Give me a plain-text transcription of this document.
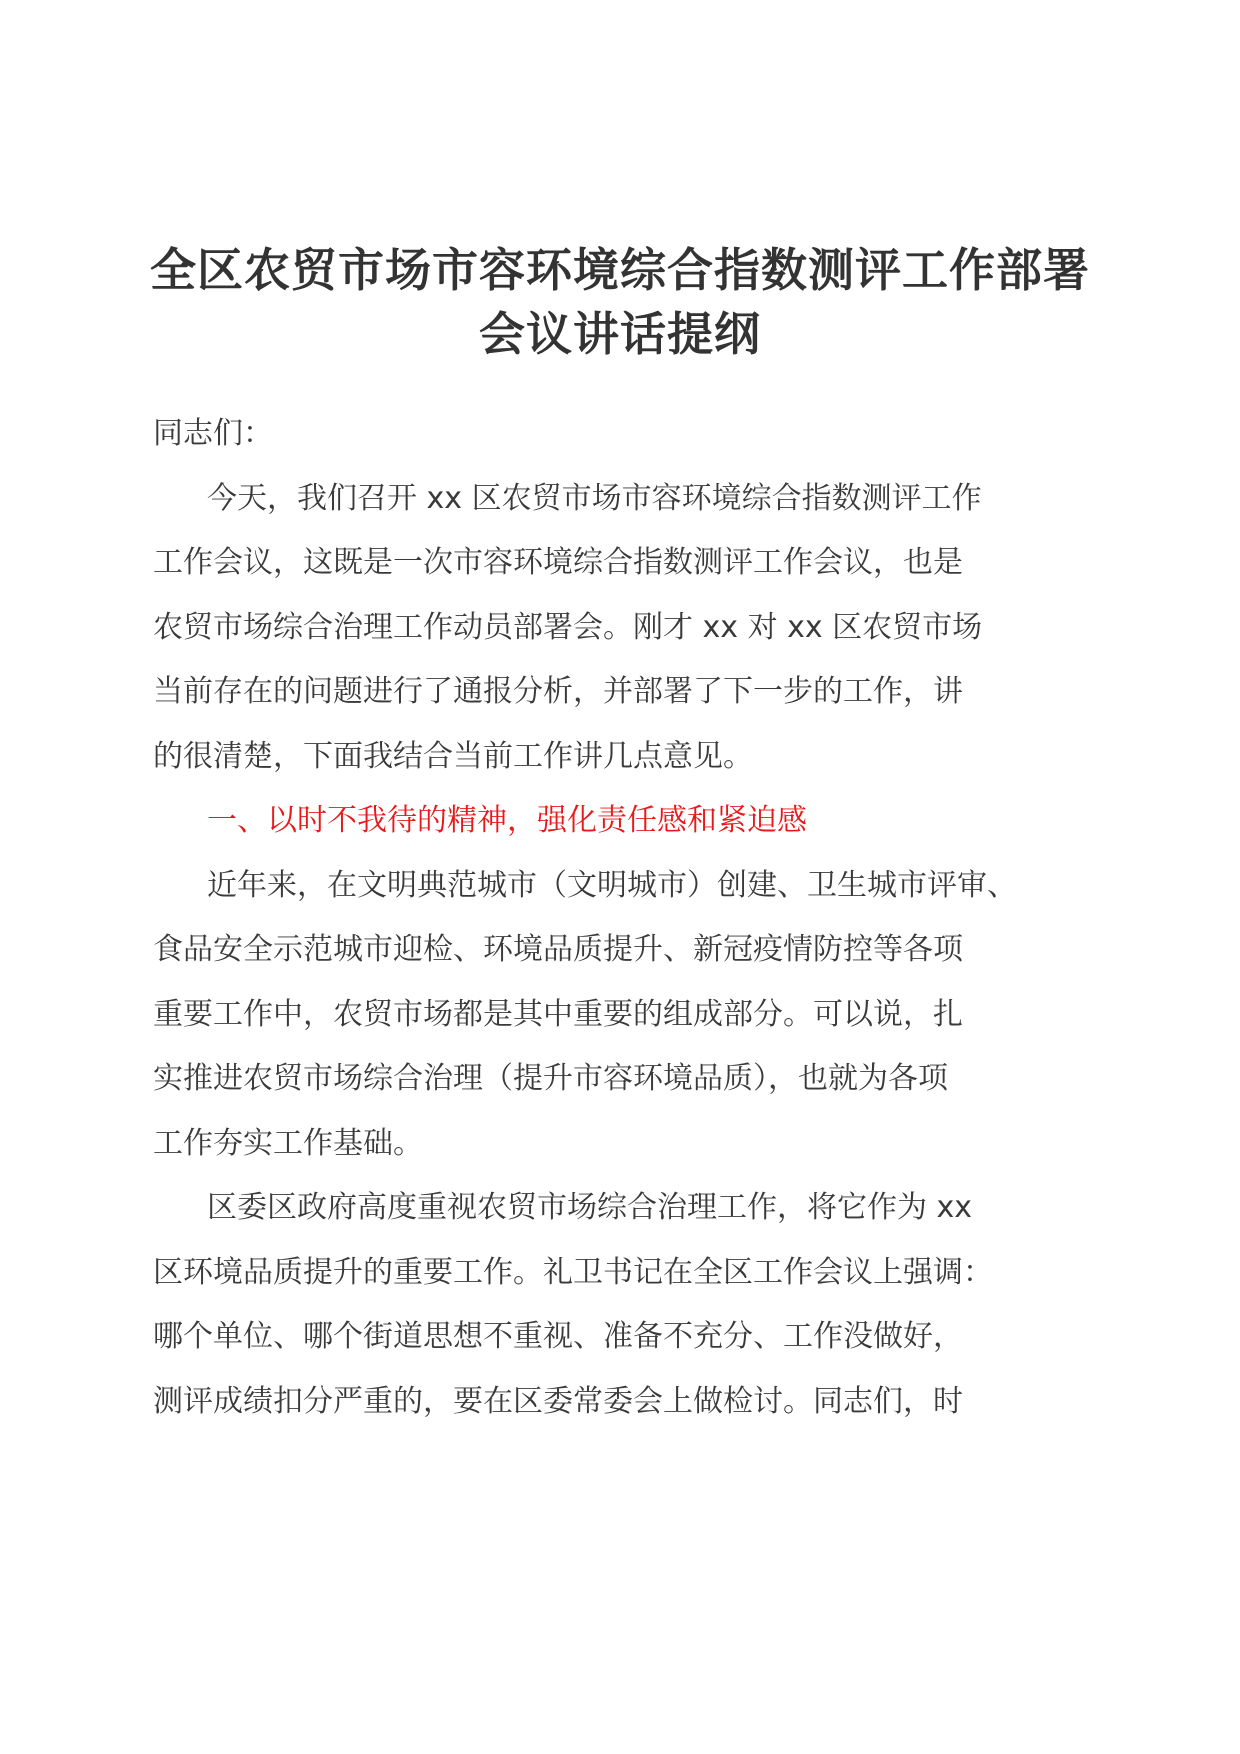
全区农贸市场市容环境综合指数测评工作部署
会议讲话提纲
同志们：
今天，我们召开 xx 区农贸市场市容环境综合指数测评工作
工作会议，这既是一次市容环境综合指数测评工作会议，也是
农贸市场综合治理工作动员部署会。刚才 xx 对 xx 区农贸市场
当前存在的问题进行了通报分析，并部署了下一步的工作，讲
的很清楚，下面我结合当前工作讲几点意见。
一、以时不我待的精神，强化责任感和紧迫感
近年来，在文明典范城市（文明城市）创建、卫生城市评审、
食品安全示范城市迎检、环境品质提升、新冠疫情防控等各项
重要工作中，农贸市场都是其中重要的组成部分。可以说，扎
实推进农贸市场综合治理（提升市容环境品质），也就为各项
工作夯实工作基础。
区委区政府高度重视农贸市场综合治理工作，将它作为 xx
区环境品质提升的重要工作。礼卫书记在全区工作会议上强调：
哪个单位、哪个街道思想不重视、准备不充分、工作没做好，
测评成绩扣分严重的，要在区委常委会上做检讨。同志们，时
